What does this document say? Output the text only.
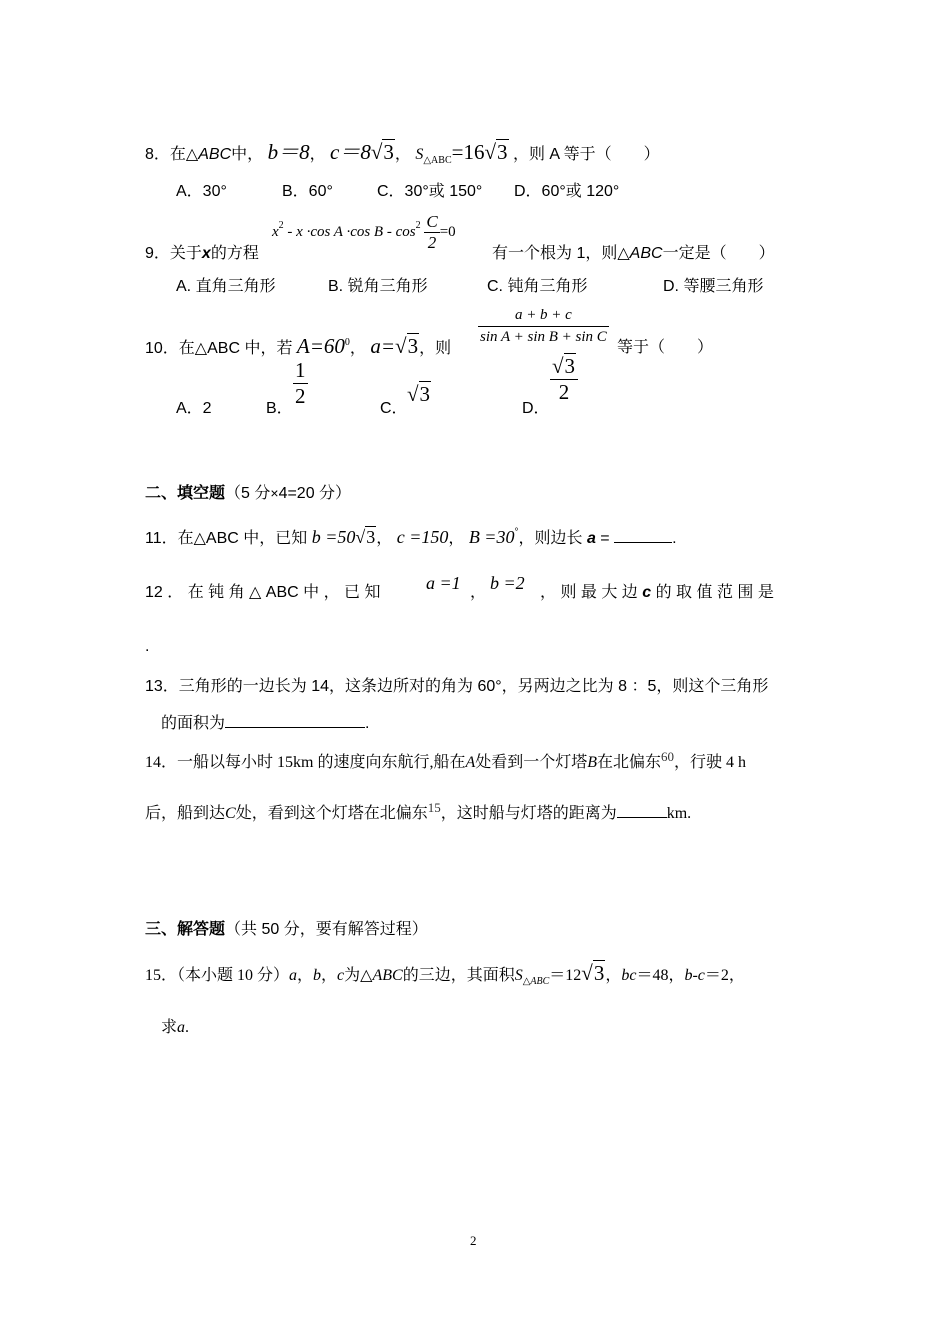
8．在△ABC中， b＝8， c＝8√3， $S_{\triangle ABC}=16√3$ ，则 A 等于（　　）
A．30°	B．60°	C．30°或 150° D．60°或 120°
$x^2 - x \cdot\cos$ A ·cos $B - \cos^2 \frac{C}{2} =0$
9．关于x的方程	有一个根为 1，则△ABC一定是（　　）
A. 直角三角形	B. 锐角三角形	C. 钝角三角形	D. 等腰三角形
10．在△ABC 中，若 $A=60^0$， a=√3，则
$\frac{a + b + c}{\text{sin A + sin B + sin C}}$
等于（　　）
A．2	B． $\frac{1}{2}$	C．
√3
D．
$\frac{√3}{2}$
二、填空题（5 分×4=20 分）
11．在△ABC 中，已知 b =50√3， c =150， B =30°，则边长 a =	.
12 ． 在 钝 角 △ ABC 中 ， 已 知	a =1 ， b =2 ， 则 最 大 边 c 的 取 值 范 围 是
.
13．三角形的一边长为 14，这条边所对的角为 60°，另两边之比为 8 ：5，则这个三角形
的面积为	.
14．一船以每小时 15km 的速度向东航行,船在A处看到一个灯塔B在北偏东$^{60}$，行驶 4 h
后，船到达C处，看到这个灯塔在北偏东$^{15}$，这时船与灯塔的距离为	km.
三、解答题（共 50 分，要有解答过程）
15．（本小题 10 分）a，b，c为△ABC的三边，其面积$S_{\triangle ABC}=12√3$，bc＝48，b-c＝2，
求a.
2
